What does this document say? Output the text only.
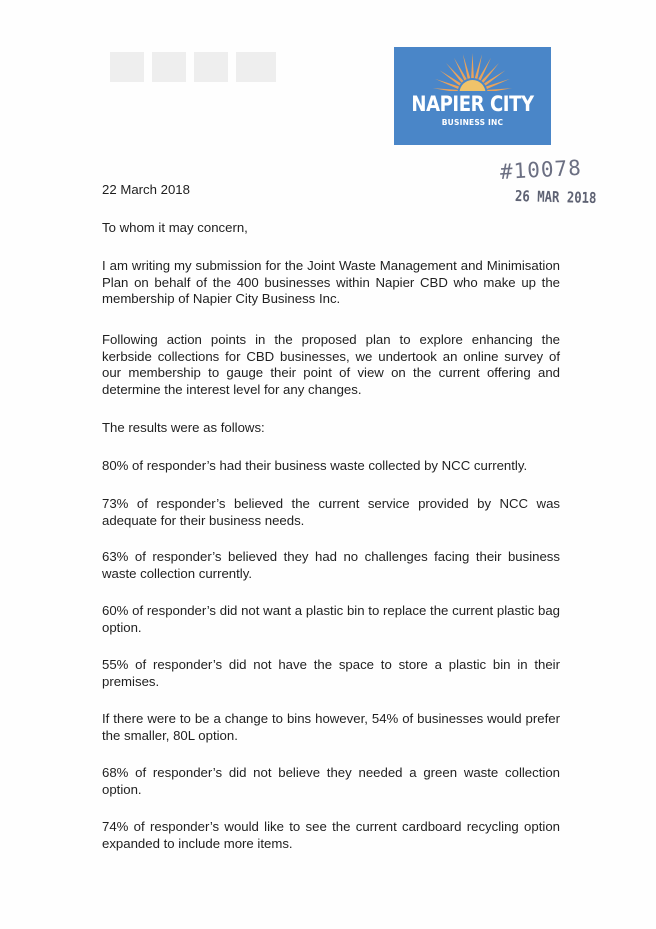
NAPIER CITY
BUSINESS INC
#10078
26 MAR 2018

22 March 2018

To whom it may concern,

I am writing my submission for the Joint Waste Management and Minimisation Plan on behalf of the 400 businesses within Napier CBD who make up the membership of Napier City Business Inc.

Following action points in the proposed plan to explore enhancing the kerbside collections for CBD businesses, we undertook an online survey of our membership to gauge their point of view on the current offering and determine the interest level for any changes.

The results were as follows:

80% of responder’s had their business waste collected by NCC currently.

73% of responder’s believed the current service provided by NCC was adequate for their business needs.

63% of responder’s believed they had no challenges facing their business waste collection currently.

60% of responder’s did not want a plastic bin to replace the current plastic bag option.

55% of responder’s did not have the space to store a plastic bin in their premises.

If there were to be a change to bins however, 54% of businesses would prefer the smaller, 80L option.

68% of responder’s did not believe they needed a green waste collection option.

74% of responder’s would like to see the current cardboard recycling option expanded to include more items.
